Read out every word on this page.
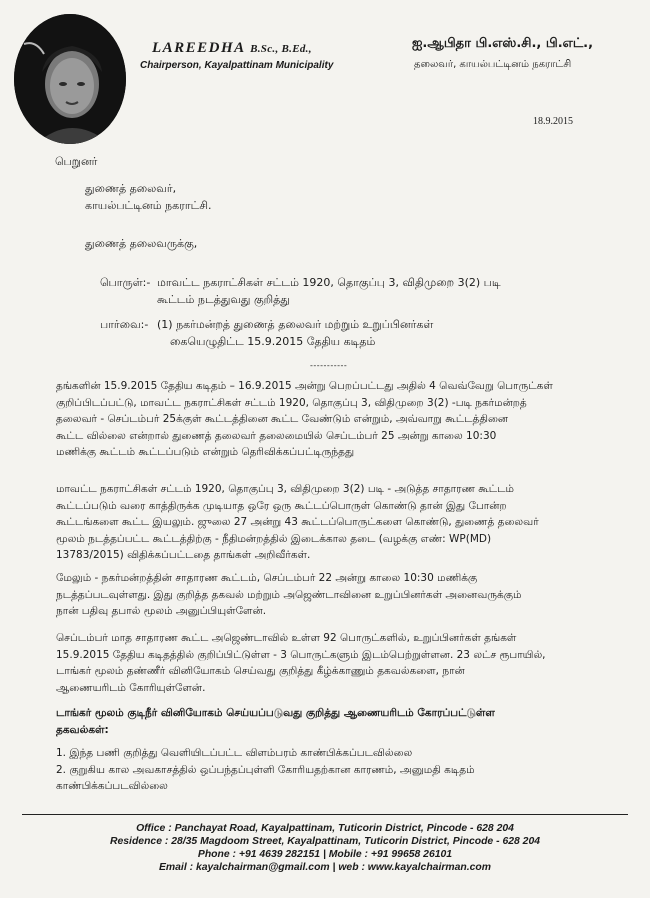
LAREEDHA B.Sc., B.Ed.,
Chairperson, Kayalpattinam Municipality
ஐ.ஆபிதா பி.எஸ்.சி., பி.எட்.,
தலைவர், காயல்பட்டினம் நகராட்சி
18.9.2015
பெறுனர்
துணைத் தலைவர்,
காயல்பட்டினம் நகராட்சி.
துணைத் தலைவருக்கு,
பொருள்:- மாவட்ட நகராட்சிகள் சட்டம் 1920, தொகுப்பு 3, விதிமுறை 3(2) படி
கூட்டம் நடத்துவது குறித்து
பார்வை:- (1) நகர்மன்றத் துணைத் தலைவர் மற்றும் உறுப்பினர்கள்
கையெழுதிட்ட 15.9.2015 தேதிய கடிதம்
-----------
தங்களின் 15.9.2015 தேதிய கடிதம் – 16.9.2015 அன்று பெறப்பட்டது அதில் 4 வெவ்வேறு பொருட்கள்
குறிப்பிடப்பட்டு, மாவட்ட நகராட்சிகள் சட்டம் 1920, தொகுப்பு 3, விதிமுறை 3(2) -படி நகர்மன்றத்
தலைவர் - செப்டம்பர் 25க்குள் கூட்டத்தினை கூட்ட வேண்டும் என்றும், அவ்வாறு கூட்டத்தினை
கூட்ட வில்லை என்றால் துணைத் தலைவர் தலைமையில் செப்டம்பர் 25 அன்று காலை 10:30
மணிக்கு கூட்டம் கூட்டப்படும் என்றும் தெரிவிக்கப்பட்டிருந்தது
மாவட்ட நகராட்சிகள் சட்டம் 1920, தொகுப்பு 3, விதிமுறை 3(2) படி - அடுத்த சாதாரண கூட்டம்
கூட்டப்படும் வரை காத்திருக்க முடியாத ஒரே ஒரு கூட்டப்பொருள் கொண்டு தான் இது போன்ற
கூட்டங்களை கூட்ட இயலும். ஜுலை 27 அன்று 43 கூட்டப்பொருட்களை கொண்டு, துணைத் தலைவர்
மூலம் நடத்தப்பட்ட கூட்டத்திற்கு - நீதிமன்றத்தில் இடைக்கால தடை (வழக்கு எண்: WP(MD)
13783/2015) விதிக்கப்பட்டதை தாங்கள் அறிவீர்கள்.
மேலும் - நகர்மன்றத்தின் சாதாரண கூட்டம், செப்டம்பர் 22 அன்று காலை 10:30 மணிக்கு
நடத்தப்படவுள்ளது. இது குறித்த தகவல் மற்றும் அஜெண்டாவினை உறுப்பினர்கள் அனைவருக்கும்
நான் பதிவு தபால் மூலம் அனுப்பியுள்ளேன்.
செப்டம்பர் மாத சாதாரண கூட்ட அஜெண்டாவில் உள்ள 92 பொருட்களில், உறுப்பினர்கள் தங்கள்
15.9.2015 தேதிய கடிதத்தில் குறிப்பிட்டுள்ள - 3 பொருட்களும் இடம்பெற்றுள்ளன. 23 லட்ச ரூபாயில்,
டாங்கர் மூலம் தண்ணீர் வினியோகம் செய்வது குறித்து கீழ்க்காணும் தகவல்களை, நான்
ஆணையரிடம் கோரியுள்ளேன்.
டாங்கர் மூலம் குடிநீர் வினியோகம் செய்யப்படுவது குறித்து ஆணையரிடம் கோரப்பட்டுள்ள
தகவல்கள்:
1. இந்த பணி குறித்து வெளியிடப்பட்ட விளம்பரம் காண்பிக்கப்படவில்லை
2. குறுகிய கால அவகாசத்தில் ஒப்பந்தப்புள்ளி கோரியதற்கான காரணம், அனுமதி கடிதம்
காண்பிக்கப்படவில்லை
Office : Panchayat Road, Kayalpattinam, Tuticorin District, Pincode - 628 204
Residence : 28/35 Magdoom Street, Kayalpattinam, Tuticorin District, Pincode - 628 204
Phone : +91 4639 282151 | Mobile : +91 99658 26101
Email : kayalchairman@gmail.com | web : www.kayalchairman.com
